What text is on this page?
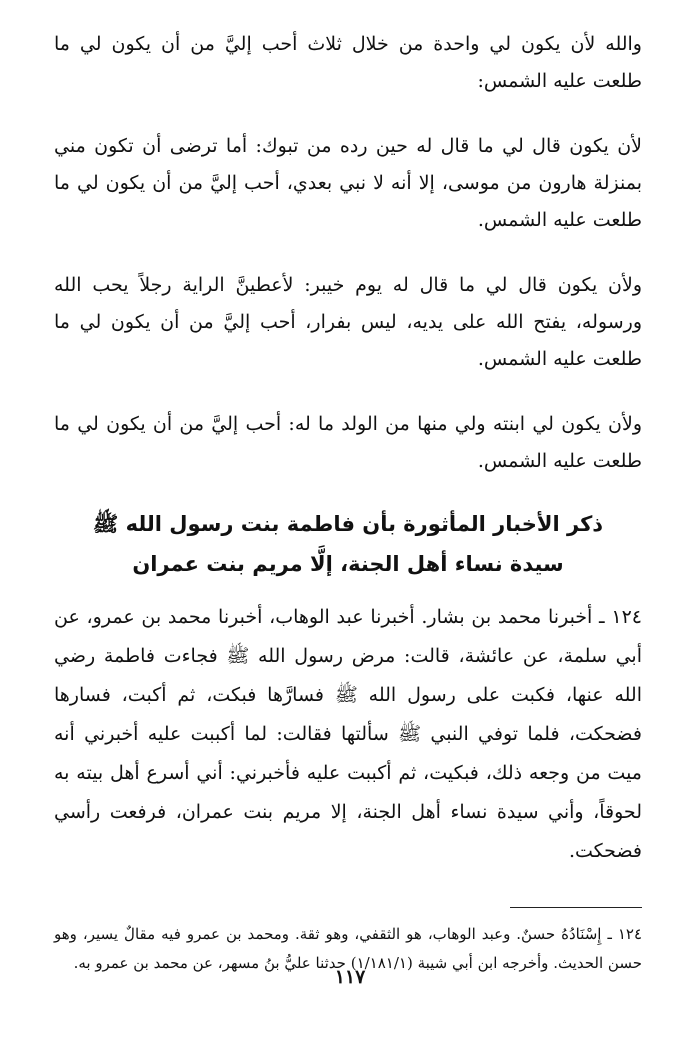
والله لأن يكون لي واحدة من خلال ثلاث أحب إليَّ من أن يكون لي ما طلعت عليه الشمس:

لأن يكون قال لي ما قال له حين رده من تبوك: أما ترضى أن تكون مني بمنزلة هارون من موسى، إلا أنه لا نبي بعدي، أحب إليَّ من أن يكون لي ما طلعت عليه الشمس.

ولأن يكون قال لي ما قال له يوم خيبر: لأعطينَّ الراية رجلاً يحب الله ورسوله، يفتح الله على يديه، ليس بفرار، أحب إليَّ من أن يكون لي ما طلعت عليه الشمس.

ولأن يكون لي ابنته ولي منها من الولد ما له: أحب إليَّ من أن يكون لي ما طلعت عليه الشمس.

ذكر الأخبار المأثورة بأن فاطمة بنت رسول الله ﷺ
سيدة نساء أهل الجنة، إلَّا مريم بنت عمران

١٢٤ ـ أخبرنا محمد بن بشار. أخبرنا عبد الوهاب، أخبرنا محمد بن عمرو، عن أبي سلمة، عن عائشة، قالت: مرض رسول الله ﷺ فجاءت فاطمة رضي الله عنها، فكبت على رسول الله ﷺ فسارَّها فبكت، ثم أكبت، فسارها فضحكت، فلما توفي النبي ﷺ سألتها فقالت: لما أكببت عليه أخبرني أنه ميت من وجعه ذلك، فبكيت، ثم أكببت عليه فأخبرني: أني أسرع أهل بيته به لحوقاً، وأني سيدة نساء أهل الجنة، إلا مريم بنت عمران، فرفعت رأسي فضحكت.

١٢٤ ـ إِسْنَادُهُ حسنٌ. وعبد الوهاب، هو الثقفي، وهو ثقة. ومحمد بن عمرو فيه مقالٌ يسير، وهو حسن الحديث. وأخرجه ابن أبي شيبة (١/١٨١/١) حدثنا عليُّ بنُ مسهر، عن محمد بن عمرو به.

١١٧
